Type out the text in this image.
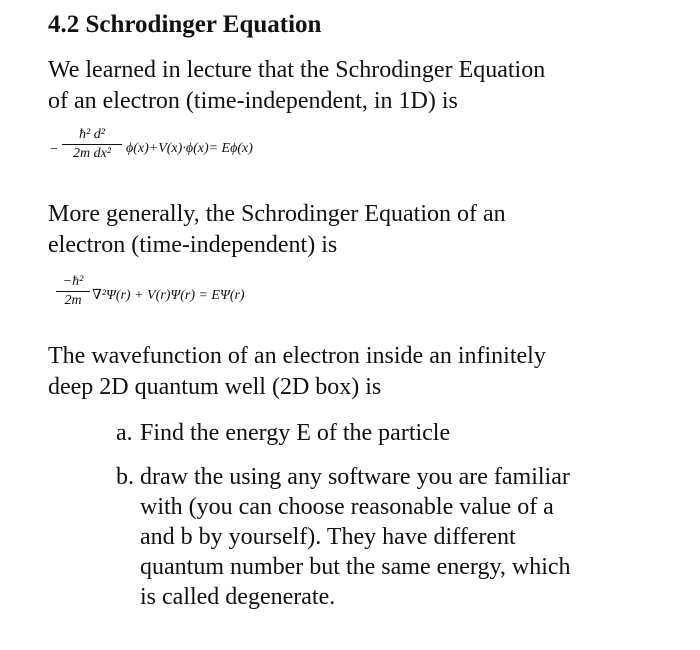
4.2 Schrodinger Equation
We learned in lecture that the Schrodinger Equation
of an electron (time-independent, in 1D) is
−
ħ² d²
2m dx²	ϕ(x)+V(x)·ϕ(x)= Eϕ(x)
More generally, the Schrodinger Equation of an
electron (time-independent) is
−ħ²
2m ∇²Ψ(r) + V(r)Ψ(r) = EΨ(r)
The wavefunction of an electron inside an infinitely
deep 2D quantum well (2D box) is
a. Find the energy E of the particle
b. draw the using any software you are familiar
with (you can choose reasonable value of a
and b by yourself). They have different
quantum number but the same energy, which
is called degenerate.
